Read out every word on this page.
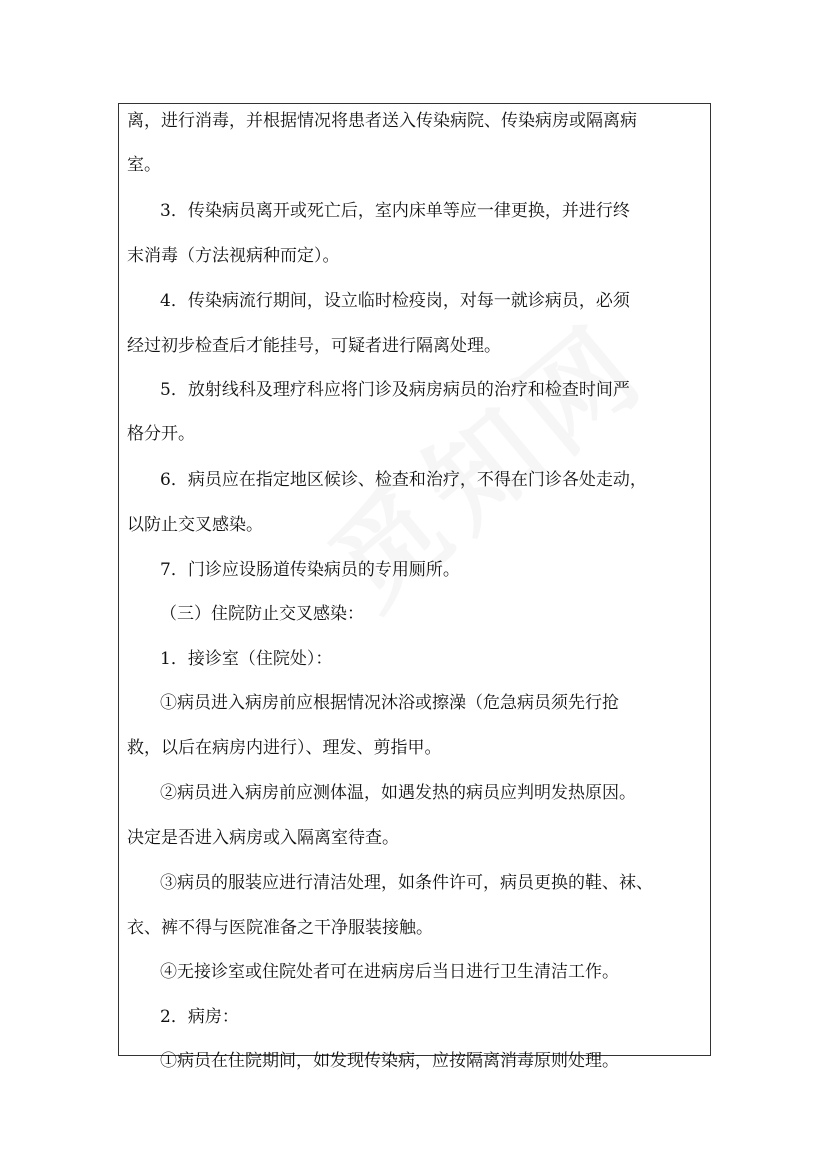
离，进行消毒，并根据情况将患者送入传染病院、传染病房或隔离病
室。
3．传染病员离开或死亡后，室内床单等应一律更换，并进行终
末消毒（方法视病种而定）。
4．传染病流行期间，设立临时检疫岗，对每一就诊病员，必须
经过初步检查后才能挂号，可疑者进行隔离处理。
5．放射线科及理疗科应将门诊及病房病员的治疗和检查时间严
格分开。
6．病员应在指定地区候诊、检查和治疗，不得在门诊各处走动，
以防止交叉感染。
7．门诊应设肠道传染病员的专用厕所。
（三）住院防止交叉感染：
1．接诊室（住院处）：
①病员进入病房前应根据情况沐浴或擦澡（危急病员须先行抢
救，以后在病房内进行）、理发、剪指甲。
②病员进入病房前应测体温，如遇发热的病员应判明发热原因。
决定是否进入病房或入隔离室待查。
③病员的服装应进行清洁处理，如条件许可，病员更换的鞋、袜、
衣、裤不得与医院准备之干净服装接触。
④无接诊室或住院处者可在进病房后当日进行卫生清洁工作。
2．病房：
①病员在住院期间，如发现传染病，应按隔离消毒原则处理。
